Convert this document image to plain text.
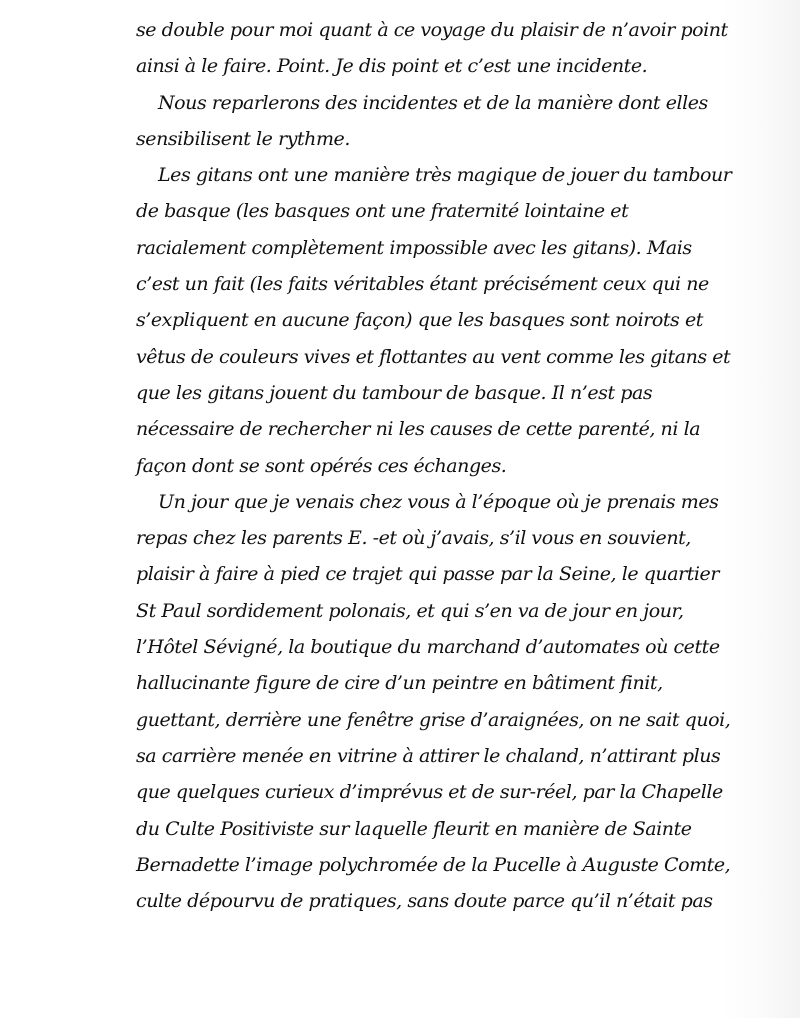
se double pour moi quant à ce voyage du plaisir de n’avoir point
ainsi à le faire. Point. Je dis point et c’est une incidente.
Nous reparlerons des incidentes et de la manière dont elles
sensibilisent le rythme.
Les gitans ont une manière très magique de jouer du tambour
de basque (les basques ont une fraternité lointaine et
racialement complètement impossible avec les gitans). Mais
c’est un fait (les faits véritables étant précisément ceux qui ne
s’expliquent en aucune façon) que les basques sont noirots et
vêtus de couleurs vives et flottantes au vent comme les gitans et
que les gitans jouent du tambour de basque. Il n’est pas
nécessaire de rechercher ni les causes de cette parenté, ni la
façon dont se sont opérés ces échanges.
Un jour que je venais chez vous à l’époque où je prenais mes
repas chez les parents E. -et où j’avais, s’il vous en souvient,
plaisir à faire à pied ce trajet qui passe par la Seine, le quartier
St Paul sordidement polonais, et qui s’en va de jour en jour,
l’Hôtel Sévigné, la boutique du marchand d’automates où cette
hallucinante figure de cire d’un peintre en bâtiment finit,
guettant, derrière une fenêtre grise d’araignées, on ne sait quoi,
sa carrière menée en vitrine à attirer le chaland, n’attirant plus
que quelques curieux d’imprévus et de sur-réel, par la Chapelle
du Culte Positiviste sur laquelle fleurit en manière de Sainte
Bernadette l’image polychromée de la Pucelle à Auguste Comte,
culte dépourvu de pratiques, sans doute parce qu’il n’était pas
